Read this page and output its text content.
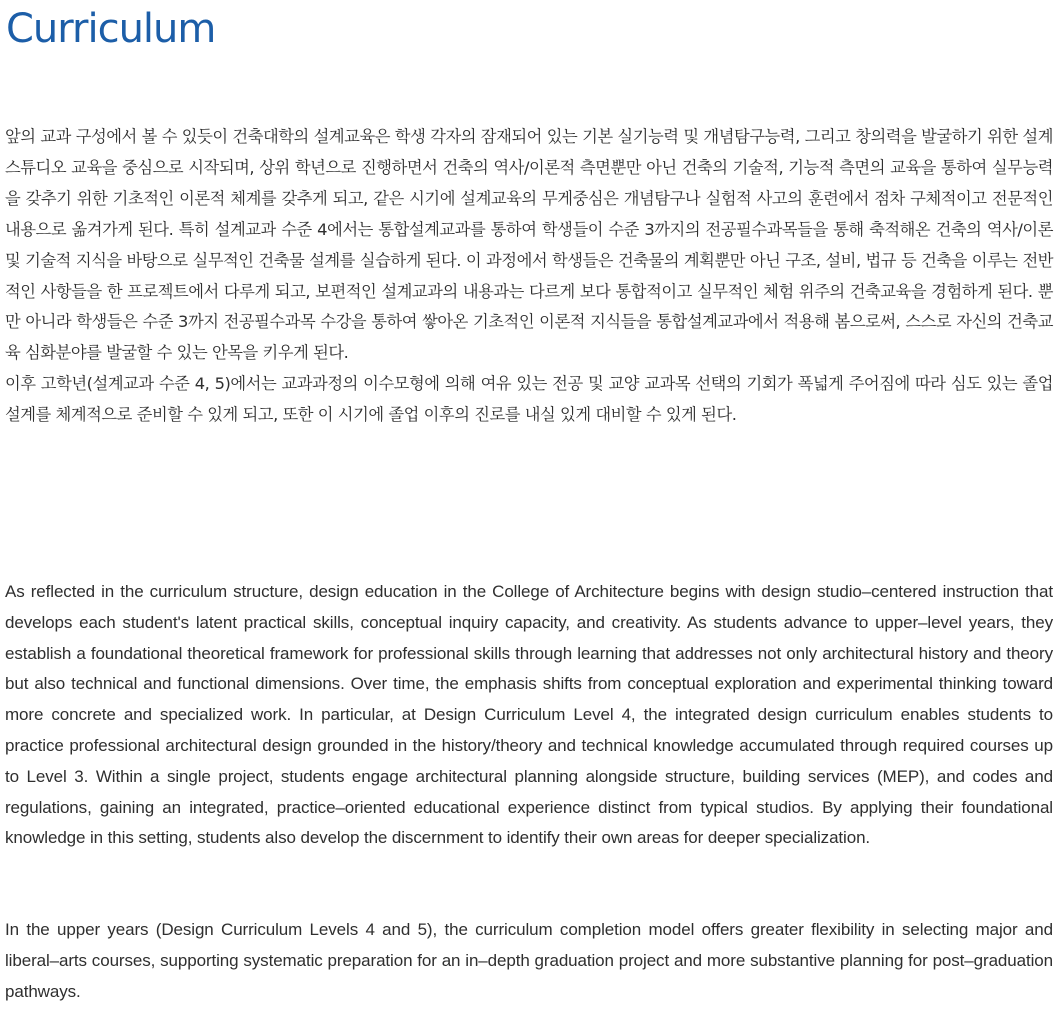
Curriculum
앞의 교과 구성에서 볼 수 있듯이 건축대학의 설계교육은 학생 각자의 잠재되어 있는 기본 실기능력 및 개념탐구능력, 그리고 창의력을 발굴하기 위한 설계스튜디오 교육을 중심으로 시작되며, 상위 학년으로 진행하면서 건축의 역사/이론적 측면뿐만 아닌 건축의 기술적, 기능적 측면의 교육을 통하여 실무능력을 갖추기 위한 기초적인 이론적 체계를 갖추게 되고, 같은 시기에 설계교육의 무게중심은 개념탐구나 실험적 사고의 훈련에서 점차 구체적이고 전문적인 내용으로 옮겨가게 된다. 특히 설계교과 수준 4에서는 통합설계교과를 통하여 학생들이 수준 3까지의 전공필수과목들을 통해 축적해온 건축의 역사/이론 및 기술적 지식을 바탕으로 실무적인 건축물 설계를 실습하게 된다. 이 과정에서 학생들은 건축물의 계획뿐만 아닌 구조, 설비, 법규 등 건축을 이루는 전반적인 사항들을 한 프로젝트에서 다루게 되고, 보편적인 설계교과의 내용과는 다르게 보다 통합적이고 실무적인 체험 위주의 건축교육을 경험하게 된다. 뿐만 아니라 학생들은 수준 3까지 전공필수과목 수강을 통하여 쌓아온 기초적인 이론적 지식들을 통합설계교과에서 적용해 봄으로써, 스스로 자신의 건축교육 심화분야를 발굴할 수 있는 안목을 키우게 된다.
이후 고학년(설계교과 수준 4, 5)에서는 교과과정의 이수모형에 의해 여유 있는 전공 및 교양 교과목 선택의 기회가 폭넓게 주어짐에 따라 심도 있는 졸업설계를 체계적으로 준비할 수 있게 되고, 또한 이 시기에 졸업 이후의 진로를 내실 있게 대비할 수 있게 된다.

As reflected in the curriculum structure, design education in the College of Architecture begins with design studio–centered instruction that develops each student's latent practical skills, conceptual inquiry capacity, and creativity. As students advance to upper–level years, they establish a foundational theoretical framework for professional skills through learning that addresses not only architectural history and theory but also technical and functional dimensions. Over time, the emphasis shifts from conceptual exploration and experimental thinking toward more concrete and specialized work. In particular, at Design Curriculum Level 4, the integrated design curriculum enables students to practice professional architectural design grounded in the history/theory and technical knowledge accumulated through required courses up to Level 3. Within a single project, students engage architectural planning alongside structure, building services (MEP), and codes and regulations, gaining an integrated, practice–oriented educational experience distinct from typical studios. By applying their foundational knowledge in this setting, students also develop the discernment to identify their own areas for deeper specialization.

In the upper years (Design Curriculum Levels 4 and 5), the curriculum completion model offers greater flexibility in selecting major and liberal–arts courses, supporting systematic preparation for an in–depth graduation project and more substantive planning for post–graduation pathways.
